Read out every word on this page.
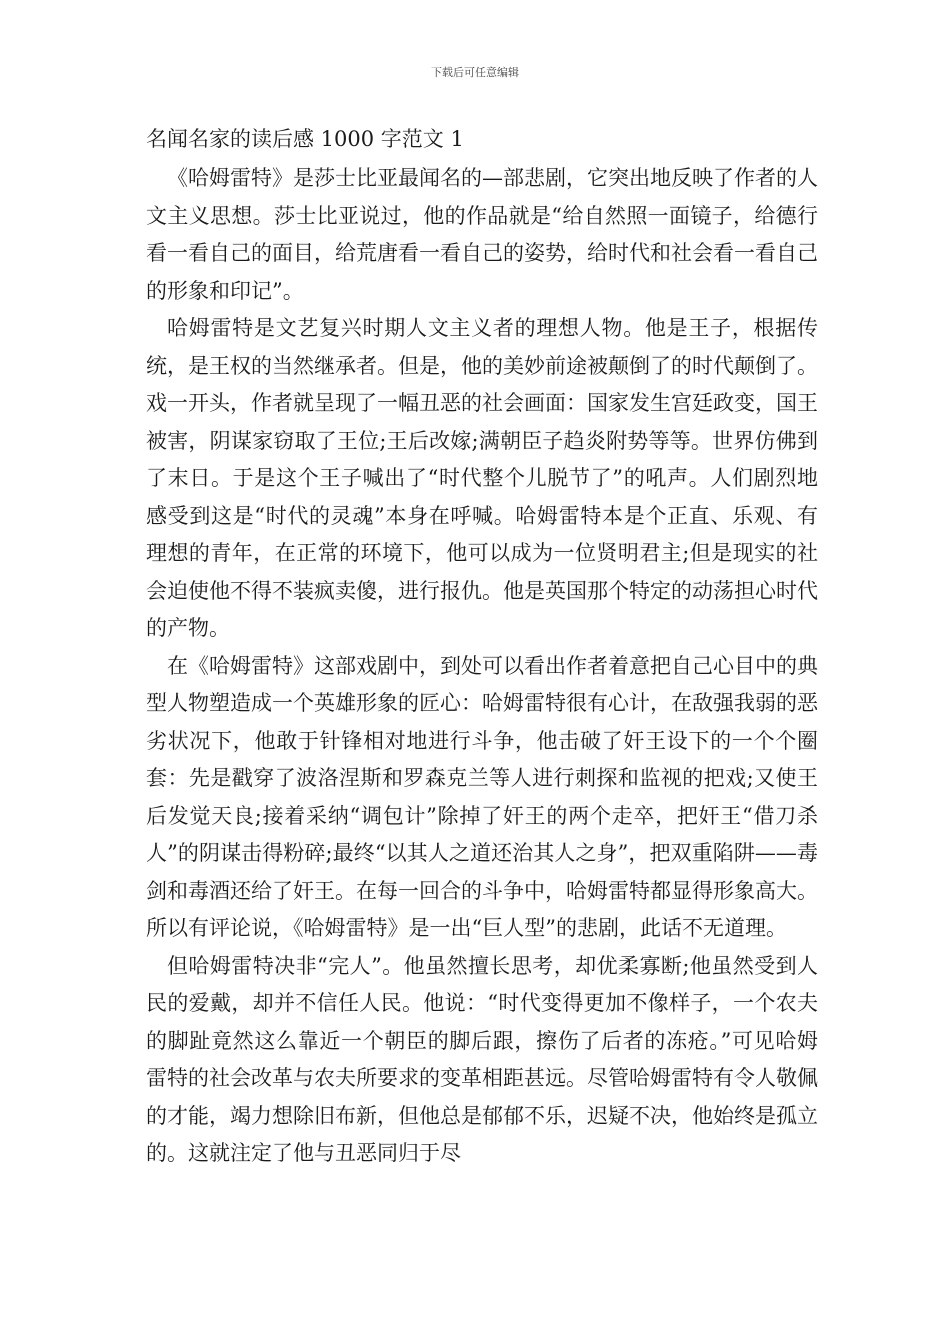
下载后可任意编辑
名闻名家的读后感 1000 字范文 1

《哈姆雷特》是莎士比亚最闻名的—部悲剧，它突出地反映了作者的人文主义思想。莎士比亚说过，他的作品就是“给自然照一面镜子，给德行看一看自己的面目，给荒唐看一看自己的姿势，给时代和社会看一看自己的形象和印记”。

哈姆雷特是文艺复兴时期人文主义者的理想人物。他是王子，根据传统，是王权的当然继承者。但是，他的美妙前途被颠倒了的时代颠倒了。戏一开头，作者就呈现了一幅丑恶的社会画面：国家发生宫廷政变，国王被害，阴谋家窃取了王位;王后改嫁;满朝臣子趋炎附势等等。世界仿佛到了末日。于是这个王子喊出了“时代整个儿脱节了”的吼声。人们剧烈地感受到这是“时代的灵魂”本身在呼喊。哈姆雷特本是个正直、乐观、有理想的青年，在正常的环境下，他可以成为一位贤明君主;但是现实的社会迫使他不得不装疯卖傻，进行报仇。他是英国那个特定的动荡担心时代的产物。

在《哈姆雷特》这部戏剧中，到处可以看出作者着意把自己心目中的典型人物塑造成一个英雄形象的匠心：哈姆雷特很有心计，在敌强我弱的恶劣状况下，他敢于针锋相对地进行斗争，他击破了奸王设下的一个个圈套：先是戳穿了波洛涅斯和罗森克兰等人进行刺探和监视的把戏;又使王后发觉天良;接着采纳“调包计”除掉了奸王的两个走卒，把奸王“借刀杀人”的阴谋击得粉碎;最终“以其人之道还治其人之身”，把双重陷阱——毒剑和毒酒还给了奸王。在每一回合的斗争中，哈姆雷特都显得形象高大。所以有评论说，《哈姆雷特》是一出“巨人型”的悲剧，此话不无道理。

但哈姆雷特决非“完人”。他虽然擅长思考，却优柔寡断;他虽然受到人民的爱戴，却并不信任人民。他说：“时代变得更加不像样子，一个农夫的脚趾竟然这么靠近一个朝臣的脚后跟，擦伤了后者的冻疮。”可见哈姆雷特的社会改革与农夫所要求的变革相距甚远。尽管哈姆雷特有令人敬佩的才能，竭力想除旧布新，但他总是郁郁不乐，迟疑不决，他始终是孤立的。这就注定了他与丑恶同归于尽
